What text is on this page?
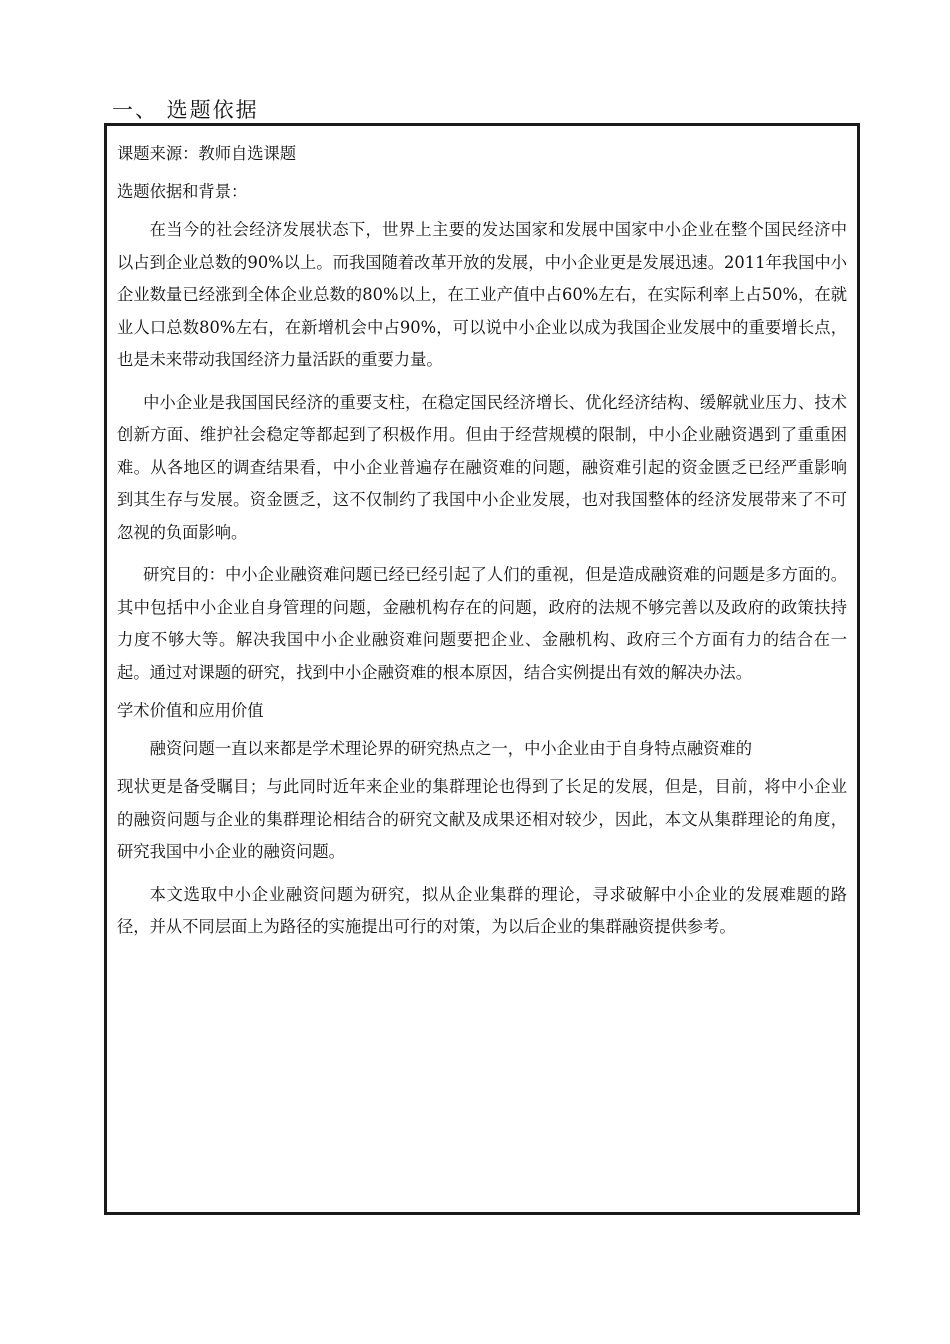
一、 选题依据

课题来源：教师自选课题

选题依据和背景：

在当今的社会经济发展状态下，世界上主要的发达国家和发展中国家中小企业在整个国民经济中以占到企业总数的90%以上。而我国随着改革开放的发展，中小企业更是发展迅速。2011年我国中小企业数量已经涨到全体企业总数的80%以上，在工业产值中占60%左右，在实际利率上占50%，在就业人口总数80%左右，在新增机会中占90%，可以说中小企业以成为我国企业发展中的重要增长点，也是未来带动我国经济力量活跃的重要力量。

中小企业是我国国民经济的重要支柱，在稳定国民经济增长、优化经济结构、缓解就业压力、技术创新方面、维护社会稳定等都起到了积极作用。但由于经营规模的限制，中小企业融资遇到了重重困难。从各地区的调查结果看，中小企业普遍存在融资难的问题，融资难引起的资金匮乏已经严重影响到其生存与发展。资金匮乏，这不仅制约了我国中小企业发展，也对我国整体的经济发展带来了不可忽视的负面影响。

研究目的：中小企业融资难问题已经已经引起了人们的重视，但是造成融资难的问题是多方面的。其中包括中小企业自身管理的问题，金融机构存在的问题，政府的法规不够完善以及政府的政策扶持力度不够大等。解决我国中小企业融资难问题要把企业、金融机构、政府三个方面有力的结合在一起。通过对课题的研究，找到中小企融资难的根本原因，结合实例提出有效的解决办法。

学术价值和应用价值

融资问题一直以来都是学术理论界的研究热点之一，中小企业由于自身特点融资难的

现状更是备受瞩目；与此同时近年来企业的集群理论也得到了长足的发展，但是，目前，将中小企业的融资问题与企业的集群理论相结合的研究文献及成果还相对较少，因此，本文从集群理论的角度，研究我国中小企业的融资问题。

本文选取中小企业融资问题为研究，拟从企业集群的理论，寻求破解中小企业的发展难题的路径，并从不同层面上为路径的实施提出可行的对策，为以后企业的集群融资提供参考。
